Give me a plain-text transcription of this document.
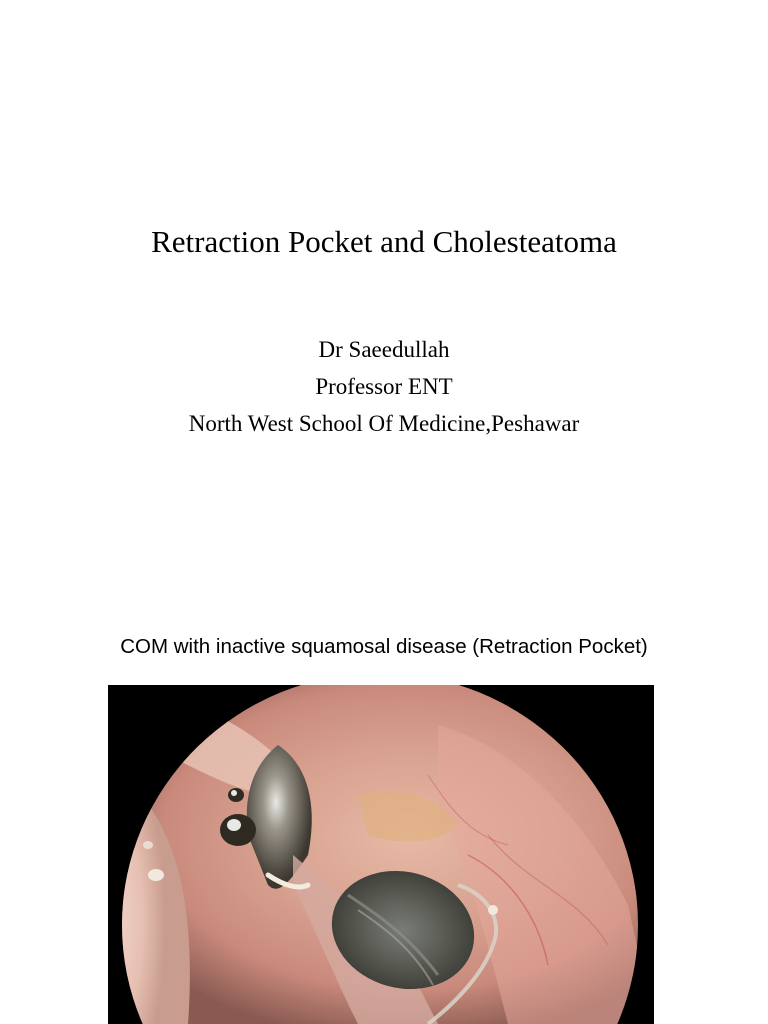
Retraction Pocket and Cholesteatoma
Dr Saeedullah
Professor ENT
North West School Of Medicine,Peshawar
COM with inactive squamosal disease (Retraction Pocket)
